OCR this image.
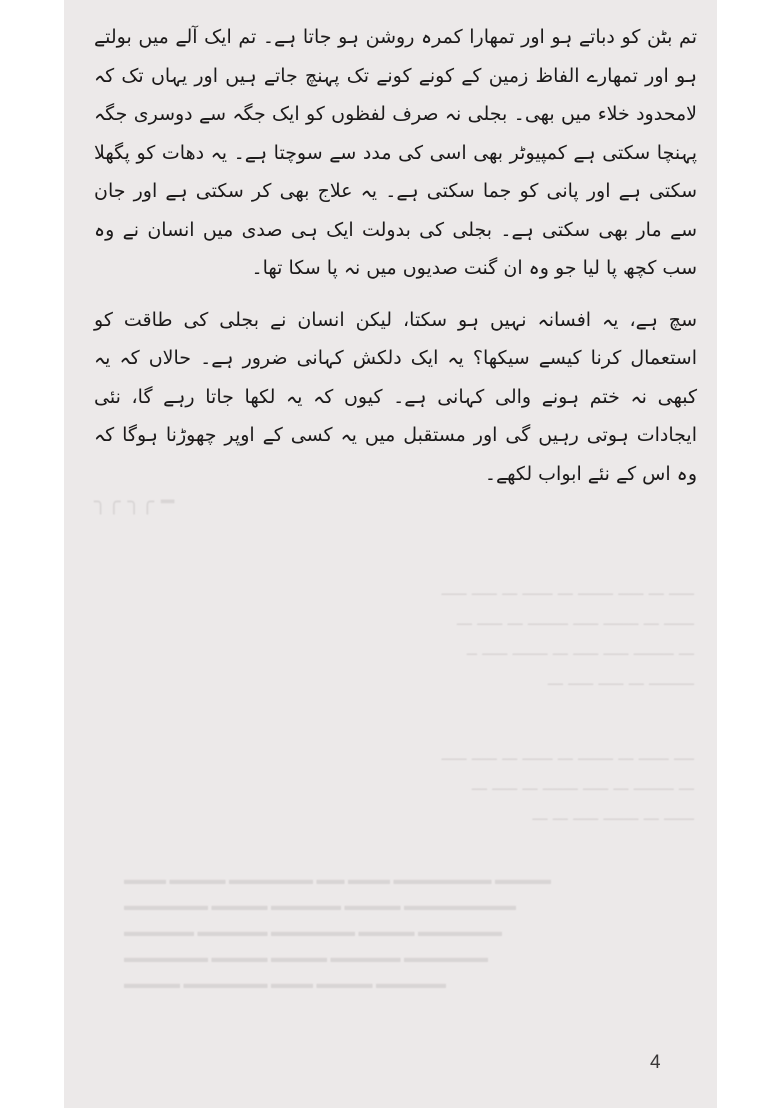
تم بٹن کو دباتے ہو اور تمھارا کمرہ روشن ہو جاتا ہے۔ تم ایک آلے میں بولتے ہو اور تمھارے الفاظ زمین کے کونے کونے تک پہنچ جاتے ہیں اور یہاں تک کہ لامحدود خلاء میں بھی۔ بجلی نہ صرف لفظوں کو ایک جگہ سے دوسری جگہ پہنچا سکتی ہے کمپیوٹر بھی اسی کی مدد سے سوچتا ہے۔ یہ دھات کو پگھلا سکتی ہے اور پانی کو جما سکتی ہے۔ یہ علاج بھی کر سکتی ہے اور جان سے مار بھی سکتی ہے۔ بجلی کی بدولت ایک ہی صدی میں انسان نے وہ سب کچھ پا لیا جو وہ ان گنت صدیوں میں نہ پا سکا تھا۔

سچ ہے، یہ افسانہ نہیں ہو سکتا، لیکن انسان نے بجلی کی طاقت کو استعمال کرنا کیسے سیکھا؟ یہ ایک دلکش کہانی ضرور ہے۔ حالاں کہ یہ کبھی نہ ختم ہونے والی کہانی ہے۔ کیوں کہ یہ لکھا جاتا رہے گا، نئی ایجادات ہوتی رہیں گی اور مستقبل میں یہ کسی کے اوپر چھوڑنا ہوگا کہ وہ اس کے نئے ابواب لکھے۔

━ ╭╮ ╭╮
ـــــ ـــ ـــــ ـــــــ ـــ ــــــ ـــ ـــــ ـــــ
ــــــ ـــ ـــــــ ـــــ ــــــــ ـــ ـــــ ـــ
ـــ ــــــــ ـــــ ـــــ ـــ ـــــــ ـــــ ــ
ـــــــــ ـــ ـــــ ـــــ ـــ
ــــ ــــــ ـــ ـــــــ ـــ ــــــ ـــ ـــــ ـــــ
ـــ ــــــــ ـــ ـــــ ـــــــ ـــ ـــــ ـــ
ــــــ ـــ ـــــــ ـــــ ـــ ـــ
▬▬▬ ▬▬▬▬ ▬▬▬▬▬▬ ▬▬ ▬▬▬ ▬▬▬▬▬▬▬ ▬▬▬▬
▬▬▬▬▬▬ ▬▬▬▬ ▬▬▬▬▬ ▬▬▬▬ ▬▬▬▬▬▬▬▬
▬▬▬▬▬ ▬▬▬▬▬ ▬▬▬▬▬▬ ▬▬▬▬ ▬▬▬▬▬▬
▬▬▬▬▬▬ ▬▬▬▬ ▬▬▬▬ ▬▬▬▬▬ ▬▬▬▬▬▬
▬▬▬▬ ▬▬▬▬▬▬ ▬▬▬ ▬▬▬▬ ▬▬▬▬▬
4
